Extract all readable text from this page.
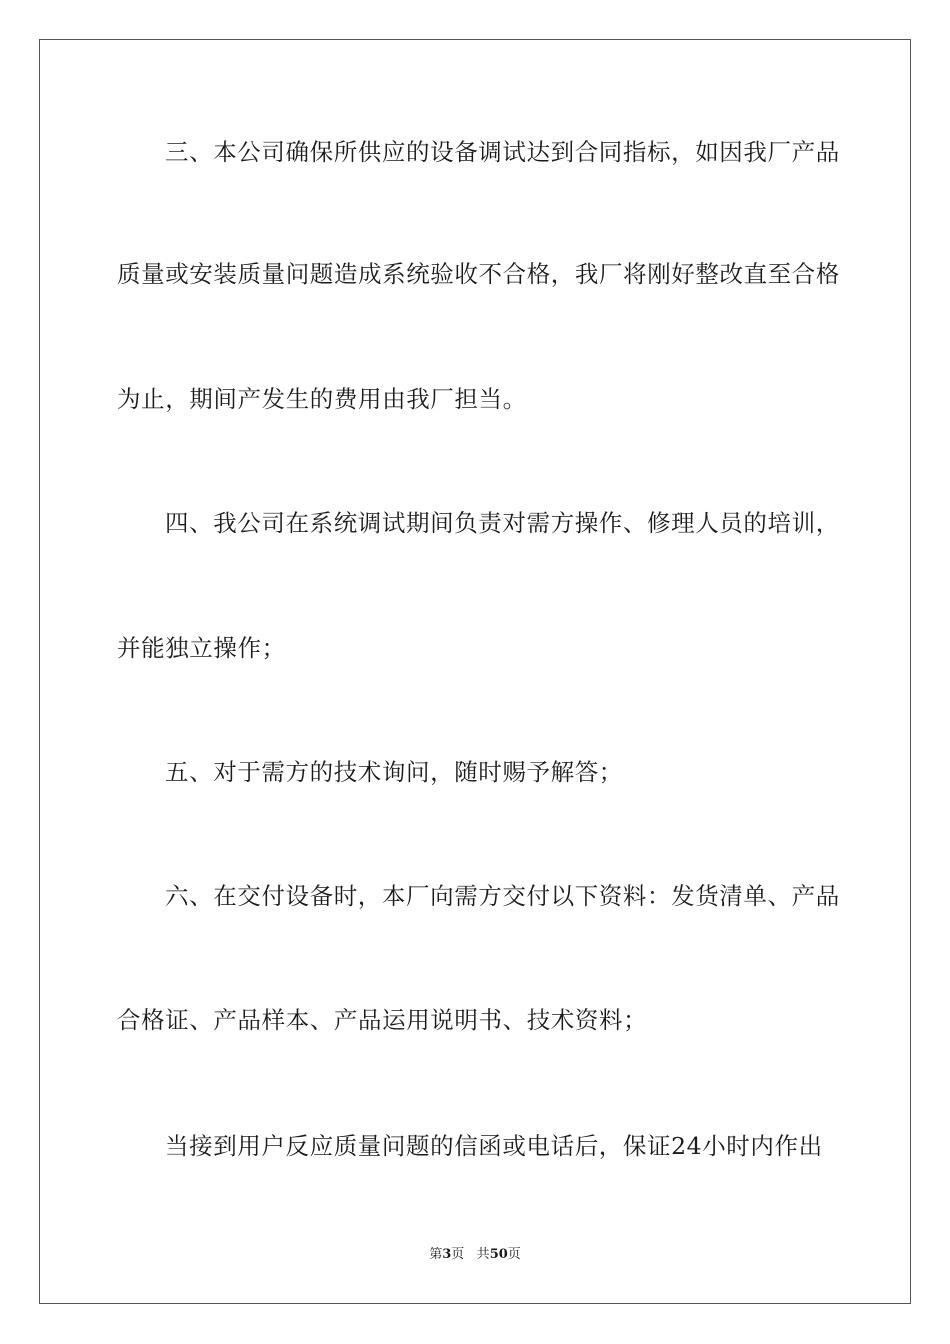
三、本公司确保所供应的设备调试达到合同指标，如因我厂产品
质量或安装质量问题造成系统验收不合格，我厂将刚好整改直至合格
为止，期间产发生的费用由我厂担当。
四、我公司在系统调试期间负责对需方操作、修理人员的培训，
并能独立操作；
五、对于需方的技术询问，随时赐予解答；
六、在交付设备时，本厂向需方交付以下资料：发货清单、产品
合格证、产品样本、产品运用说明书、技术资料；
当接到用户反应质量问题的信函或电话后，保证24小时内作出
第3页 共50页
